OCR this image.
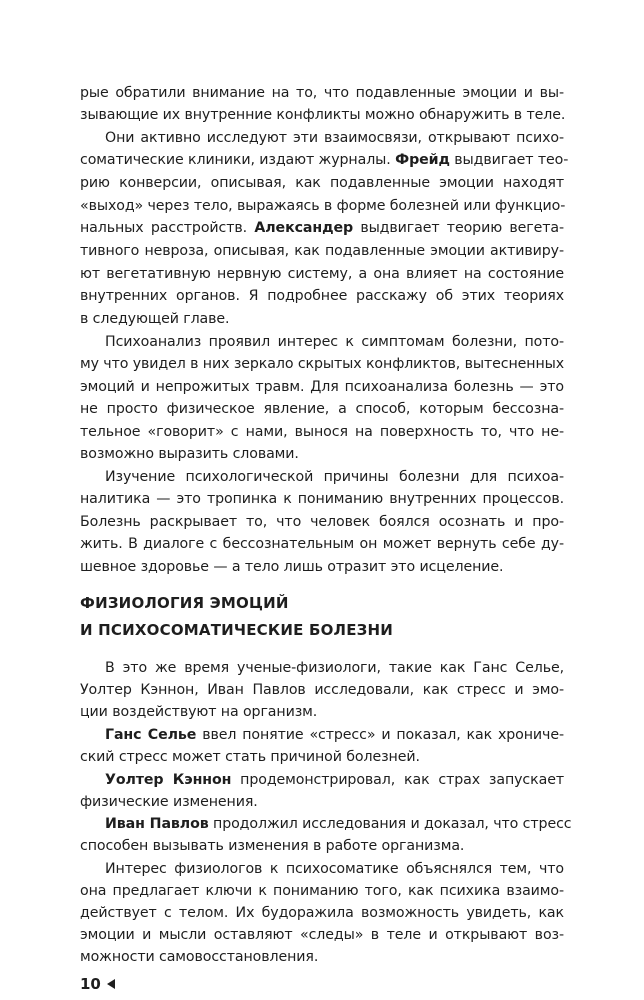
рые обратили внимание на то, что подавленные эмоции и вы-

зывающие их внутренние конфликты можно обнаружить в теле.

Они активно исследуют эти взаимосвязи, открывают психо-

соматические клиники, издают журналы. Фрейд выдвигает тео-

рию конверсии, описывая, как подавленные эмоции находят

«выход» через тело, выражаясь в форме болезней или функцио-

нальных расстройств. Александер выдвигает теорию вегета-

тивного невроза, описывая, как подавленные эмоции активиру-

ют вегетативную нервную систему, а она влияет на состояние

внутренних органов. Я подробнее расскажу об этих теориях

в следующей главе.

Психоанализ проявил интерес к симптомам болезни, пото-

му что увидел в них зеркало скрытых конфликтов, вытесненных

эмоций и непрожитых травм. Для психоанализа болезнь — это

не просто физическое явление, а способ, которым бессозна-

тельное «говорит» с нами, вынося на поверхность то, что не-

возможно выразить словами.

Изучение психологической причины болезни для психоа-

налитика — это тропинка к пониманию внутренних процессов.

Болезнь раскрывает то, что человек боялся осознать и про-

жить. В диалоге с бессознательным он может вернуть себе ду-

шевное здоровье — а тело лишь отразит это исцеление.

ФИЗИОЛОГИЯ ЭМОЦИЙ

И ПСИХОСОМАТИЧЕСКИЕ БОЛЕЗНИ

В это же время ученые-физиологи, такие как Ганс Селье,

Уолтер Кэннон, Иван Павлов исследовали, как стресс и эмо-

ции воздействуют на организм.

Ганс Селье ввел понятие «стресс» и показал, как хрониче-

ский стресс может стать причиной болезней.

Уолтер Кэннон продемонстрировал, как страх запускает

физические изменения.

Иван Павлов продолжил исследования и доказал, что стресс

способен вызывать изменения в работе организма.

Интерес физиологов к психосоматике объяснялся тем, что

она предлагает ключи к пониманию того, как психика взаимо-

действует с телом. Их будоражила возможность увидеть, как

эмоции и мысли оставляют «следы» в теле и открывают воз-

можности самовосстановления.

10
